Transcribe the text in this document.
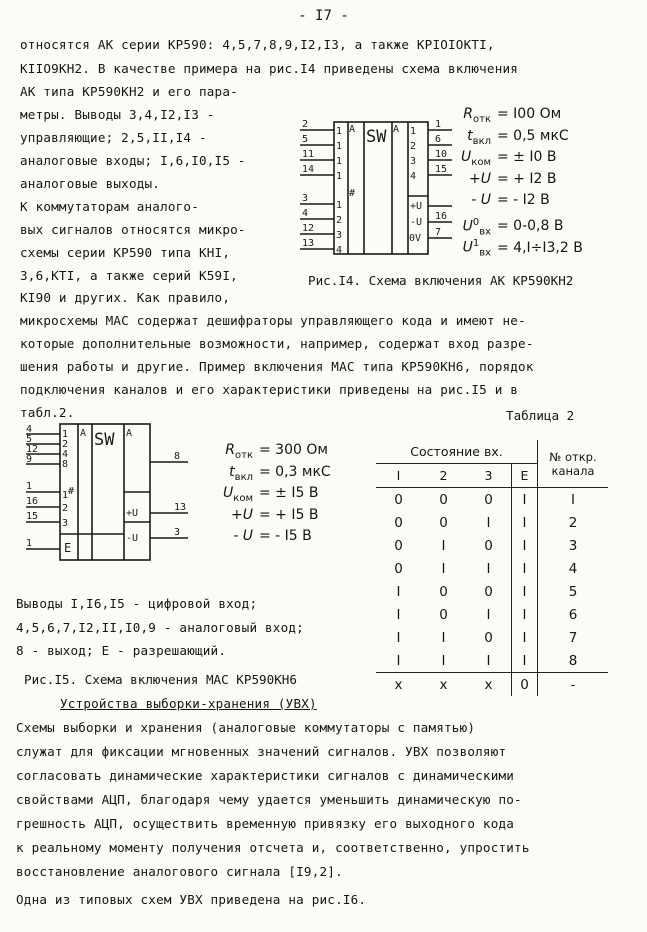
- I7 -
относятся АК серии КР590: 4,5,7,8,9,I2,I3, а также КРIОIОКТI,
КIIО9КН2. В качестве примера на рис.I4 приведены схема включения
АК типа КР590КН2 и его пара-
метры. Выводы 3,4,I2,I3 -
управляющие; 2,5,II,I4 -
аналоговые входы; I,6,I0,I5 -
аналоговые выходы.
К коммутаторам аналого-
вых сигналов относятся микро-
схемы серии КР590 типа КНI,
3,6,КТI, а также серий К59I,
КI90 и других. Как правило,
2
5
11
14
3
4
12
13
1
6
10
15
+U
16
-U
7
0V
1
1
1
1
A	A
#
1
2
3
4
1
2
3
4
SW
$R_{отк} = I00$ Ом
$t_{вкл} = 0,5$ мкС
$U_{ком}$ = ± I0 В
+U = + I2 В
- U = - I2 В
$U^0_{вх} = 0-0,8$ В
$U^1_{вх} = 4,I\div I3,2$ В
Рис.I4. Схема включения АК КР590КН2
микросхемы МАС содержат дешифраторы управляющего кода и имеют не-
которые дополнительные возможности, например, содержат вход разре-
шения работы и другие. Пример включения МАС типа КР590КН6, порядок
подключения каналов и его характеристики приведены на рис.I5 и в
табл.2.
4
5
12
9
1
16
15
1
1
2
4
8
#
1
2
3
E
A	A
8
+U
13
-U
3
SW	$R_{отк} = 300$ Ом
$t_{вкл} = 0,3$ мкС
$U_{ком}$ = ± I5 В
+U = + I5 В
- U = - I5 В
Таблица 2
Состояние вх.				№ откр.
канала

I	2	3	E	
0	0	0	I	I
0	0	I	I	2
0	I	0	I	3
0	I	I	I	4
I	0	0	I	5
I	0	I	I	6
I	I	0	I	7
I	I	I	I	8
x	x	x	0	-
Выводы I,I6,I5 - цифровой вход;
4,5,6,7,I2,II,I0,9 - аналоговый вход;
8 - выход; E - разрешающий.
Рис.I5. Схема включения МАС КР590КН6
Устройства выборки-хранения (УВХ)
Схемы выборки и хранения (аналоговые коммутаторы с памятью)
служат для фиксации мгновенных значений сигналов. УВХ позволяют
согласовать динамические характеристики сигналов с динамическими
свойствами АЦП, благодаря чему удается уменьшить динамическую по-
грешность АЦП, осуществить временную привязку его выходного кода
к реальному моменту получения отсчета и, соответственно, упростить
восстановление аналогового сигнала [I9,2].
Одна из типовых схем УВХ приведена на рис.I6.
